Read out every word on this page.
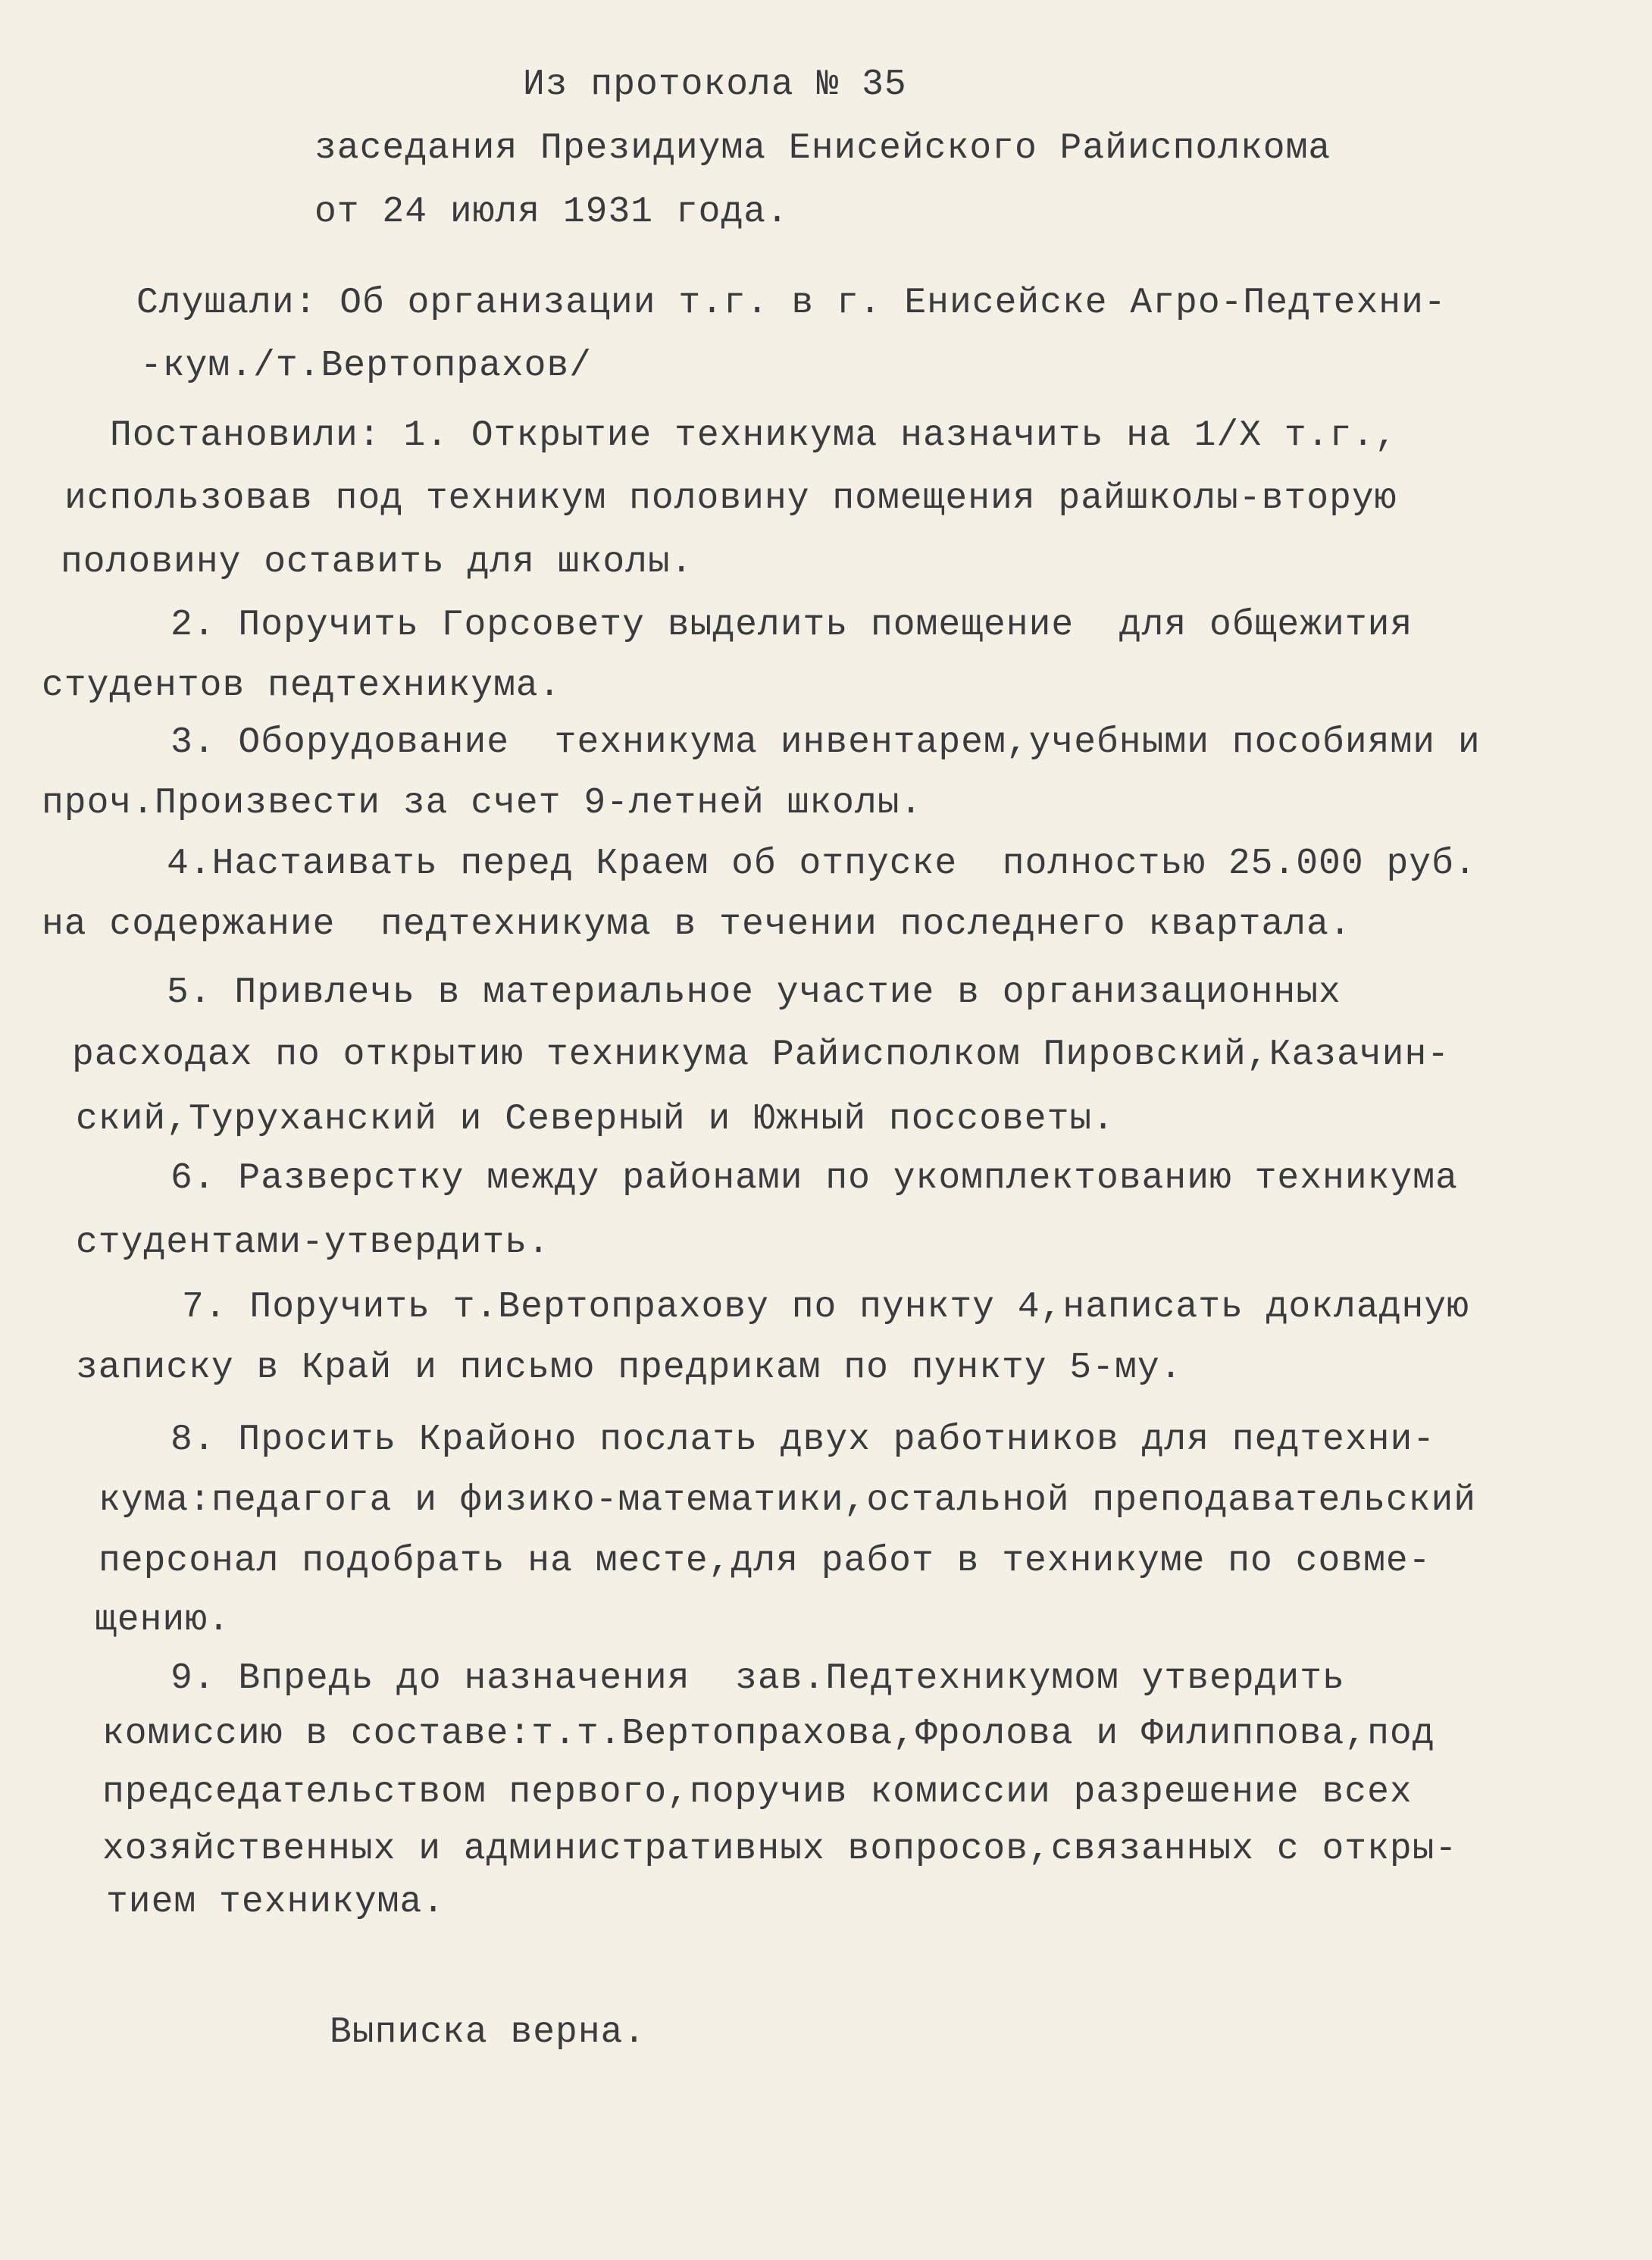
Из протокола № 35
заседания Президиума Енисейского Райисполкома
от 24 июля 1931 года.
Слушали: Об организации т.г. в г. Енисейске Агро-Педтехни-
-кум./т.Вертопрахов/
Постановили: 1. Открытие техникума назначить на 1/Х т.г.,
использовав под техникум половину помещения райшколы-вторую
половину оставить для школы.
2. Поручить Горсовету выделить помещение  для общежития
студентов педтехникума.
3. Оборудование  техникума инвентарем,учебными пособиями и
проч.Произвести за счет 9-летней школы.
4.Настаивать перед Краем об отпуске  полностью 25.000 руб.
на содержание  педтехникума в течении последнего квартала.
5. Привлечь в материальное участие в организационных
расходах по открытию техникума Райисполком Пировский,Казачин-
ский,Туруханский и Северный и Южный поссоветы.
6. Разверстку между районами по укомплектованию техникума
студентами-утвердить.
7. Поручить т.Вертопрахову по пункту 4,написать докладную
записку в Край и письмо предрикам по пункту 5-му.
8. Просить Крайоно послать двух работников для педтехни-
кума:педагога и физико-математики,остальной преподавательский
персонал подобрать на месте,для работ в техникуме по совме-
щению.
9. Впредь до назначения  зав.Педтехникумом утвердить
комиссию в составе:т.т.Вертопрахова,Фролова и Филиппова,под
председательством первого,поручив комиссии разрешение всех
хозяйственных и административных вопросов,связанных с откры-
тием техникума.
Выписка верна.
